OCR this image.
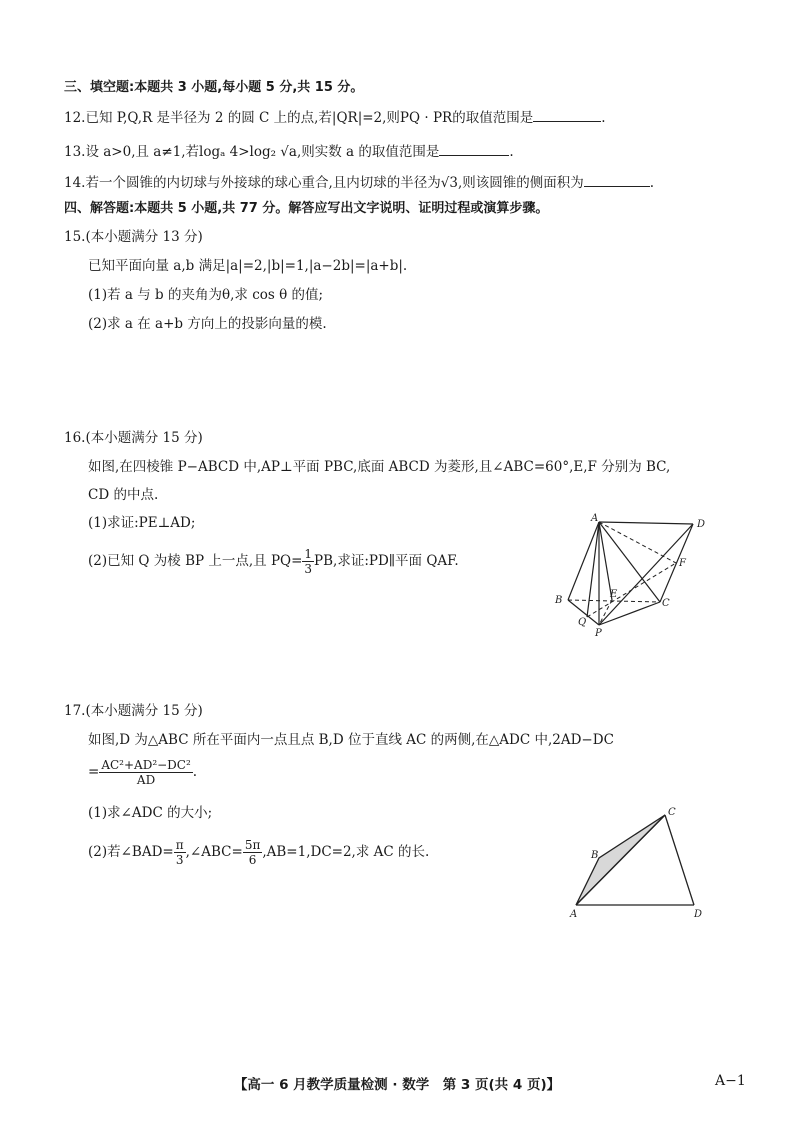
三、填空题:本题共 3 小题,每小题 5 分,共 15 分。
12.已知 P,Q,R 是半径为 2 的圆 C 上的点,若|QR|=2,则PQ · PR的取值范围是	.
13.设 a>0,且 a≠1,若logₐ 4>log₂ √a,则实数 a 的取值范围是	.
14.若一个圆锥的内切球与外接球的球心重合,且内切球的半径为√3,则该圆锥的侧面积为	.
四、解答题:本题共 5 小题,共 77 分。解答应写出文字说明、证明过程或演算步骤。
15.(本小题满分 13 分)
已知平面向量 a,b 满足|a|=2,|b|=1,|a−2b|=|a+b|.
(1)若 a 与 b 的夹角为θ,求 cos θ 的值;
(2)求 a 在 a+b 方向上的投影向量的模.
16.(本小题满分 15 分)
如图,在四棱锥 P−ABCD 中,AP⊥平面 PBC,底面 ABCD 为菱形,且∠ABC=60°,E,F 分别为 BC,
CD 的中点.
(1)求证:PE⊥AD;
(2)已知 Q 为棱 BP 上一点,且 $PQ= \frac{1}{3}$ PB,求证:PD∥平面 QAF.
A
D
F
E
B	C
Q
P
17.(本小题满分 15 分)
如图,D 为△ABC 所在平面内一点且点 B,D 位于直线 AC 的两侧,在△ADC 中,2AD−DC
= $\frac{\text{AC²+AD²−DC²}}{AD}$ .
(1)求∠ADC 的大小;
(2)若∠BAD= $\frac{\pi}{3}$ ,∠ABC= $\frac{5\pi}{6} ,AB=1,DC=2$,求 AC 的长.
C
B
A	D
【高一 6 月教学质量检测 · 数学　第 3 页(共 4 页)】	A−1
